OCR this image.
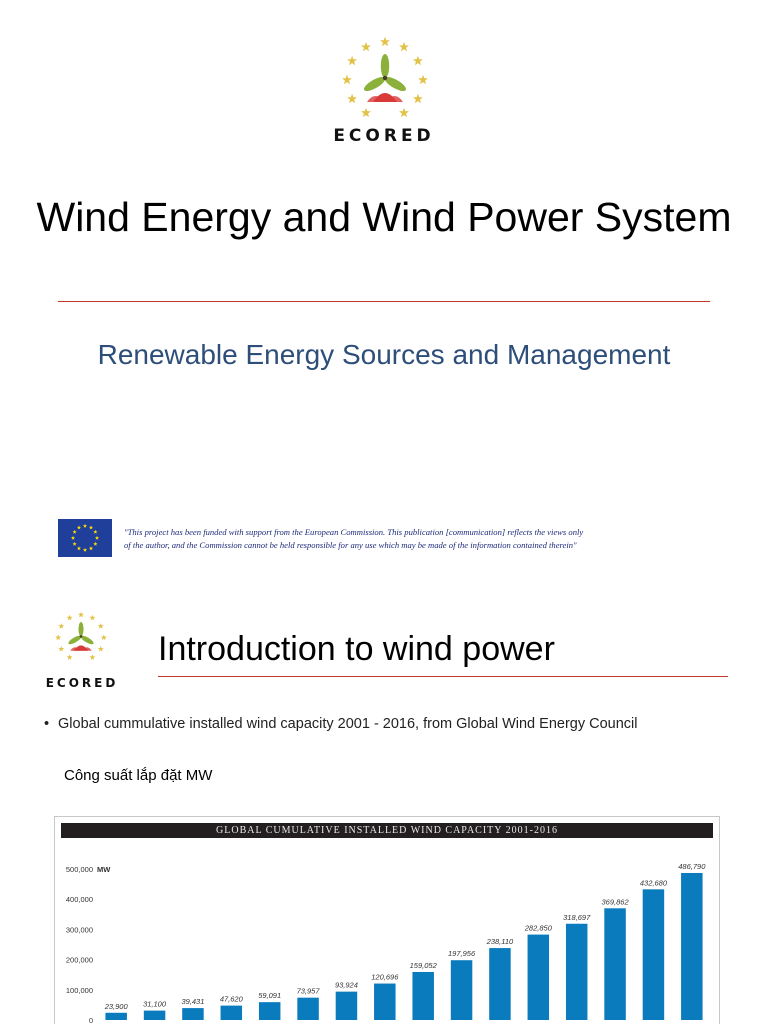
ECORED
Wind Energy and Wind Power System
Renewable Energy Sources and Management
"This project has been funded with support from the European Commission. This publication [communication] reflects the views only
of the author, and the Commission cannot be held responsible for any use which may be made of the information contained therein"
ECORED
Introduction to wind power
• Global cummulative installed wind capacity 2001 - 2016, from Global Wind Energy Council
Công suất lắp đặt MW
GLOBAL CUMULATIVE INSTALLED WIND CAPACITY 2001-2016
0
100,000
200,000
300,000
400,000
500,000 MW
23,900 31,100 39,431 47,620 59,091 73,957
93,924
120,696
159,052
197,956
238,110
282,850
318,697
369,862
432,680
486,790
